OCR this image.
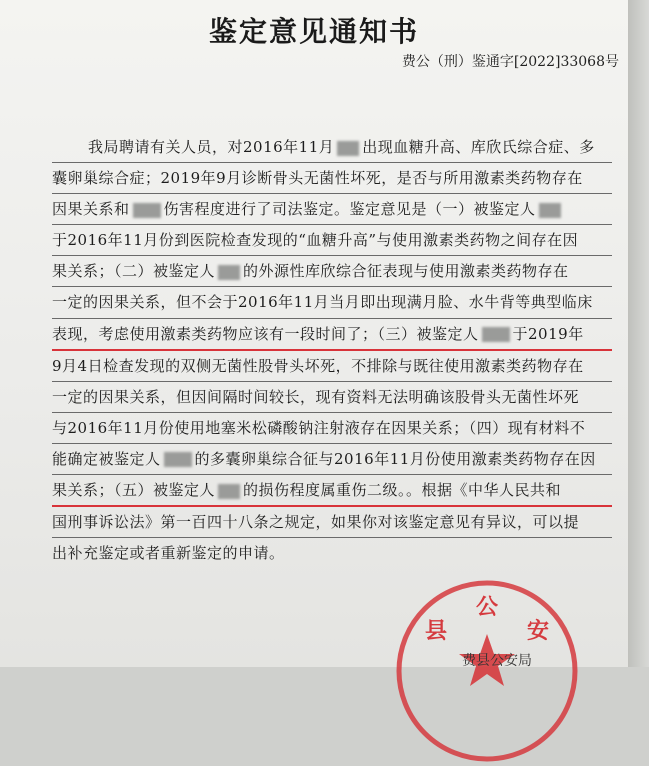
鉴定意见通知书
费公（刑）鉴通字[2022]33068号
我局聘请有关人员，对2016年11月 出现血糖升高、库欣氏综合症、多
囊卵巢综合症；2019年9月诊断骨头无菌性坏死，是否与所用激素类药物存在
因果关系和 伤害程度进行了司法鉴定。鉴定意见是（一）被鉴定人
于2016年11月份到医院检查发现的“血糖升高”与使用激素类药物之间存在因
果关系；（二）被鉴定人 的外源性库欣综合征表现与使用激素类药物存在
一定的因果关系，但不会于2016年11月当月即出现满月脸、水牛背等典型临床
表现，考虑使用激素类药物应该有一段时间了；（三）被鉴定人 于2019年
9月4日检查发现的双侧无菌性股骨头坏死，不排除与既往使用激素类药物存在
一定的因果关系，但因间隔时间较长，现有资料无法明确该股骨头无菌性坏死
与2016年11月份使用地塞米松磷酸钠注射液存在因果关系；（四）现有材料不
能确定被鉴定人 的多囊卵巢综合征与2016年11月份使用激素类药物存在因
果关系；（五）被鉴定人 的损伤程度属重伤二级。。根据《中华人民共和
国刑事诉讼法》第一百四十八条之规定，如果你对该鉴定意见有异议，可以提
出补充鉴定或者重新鉴定的申请。
县
公
安
费县公安局
